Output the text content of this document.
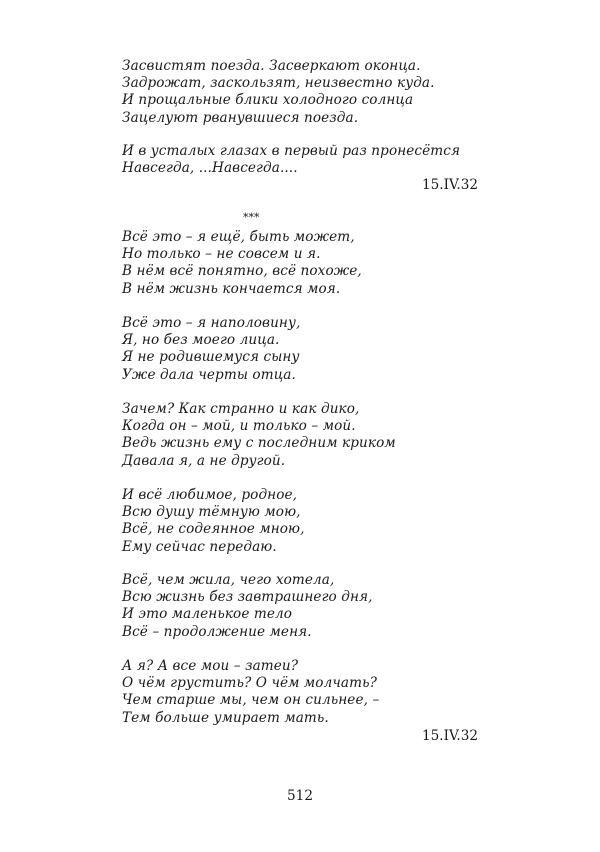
Засвистят поезда. Засверкают оконца.
Задрожат, заскользят, неизвестно куда.
И прощальные блики холодного солнца
Зацелуют рванувшиеся поезда.
И в усталых глазах в первый раз пронесётся
Навсегда, ...Навсегда....
15.IV.32
***
Всё это – я ещё, быть может,
Но только – не совсем и я.
В нём всё понятно, всё похоже,
В нём жизнь кончается моя.
Всё это – я наполовину,
Я, но без моего лица.
Я не родившемуся сыну
Уже дала черты отца.
Зачем? Как странно и как дико,
Когда он – мой, и только – мой.
Ведь жизнь ему с последним криком
Давала я, а не другой.
И всё любимое, родное,
Всю душу тёмную мою,
Всё, не содеянное мною,
Ему сейчас передаю.
Всё, чем жила, чего хотела,
Всю жизнь без завтрашнего дня,
И это маленькое тело
Всё – продолжение меня.
А я? А все мои – затеи?
О чём грустить? О чём молчать?
Чем старше мы, чем он сильнее, –
Тем больше умирает мать.
15.IV.32
512
